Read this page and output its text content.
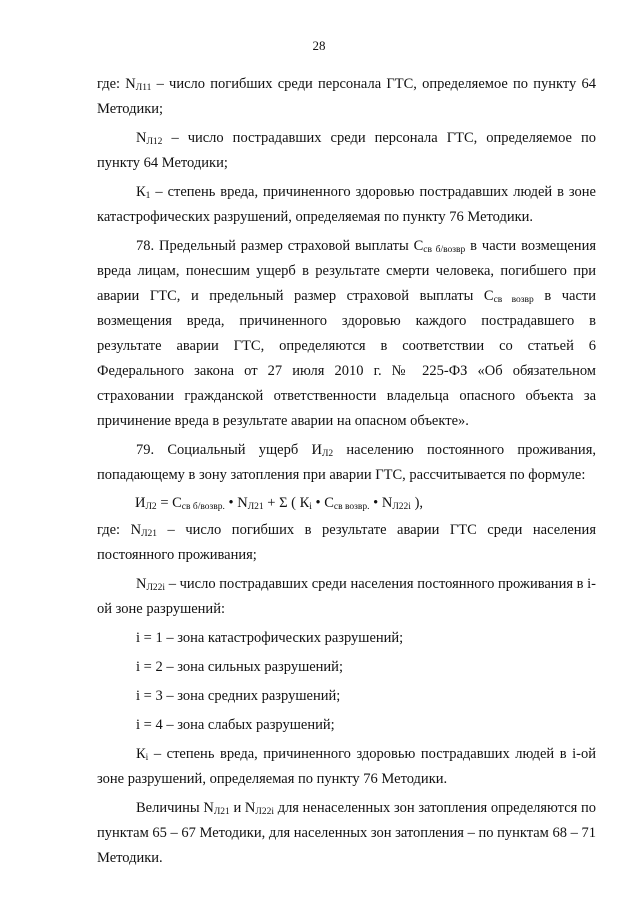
28

где: $N_{Л11}$ – число погибших среди персонала ГТС, определяемое по пункту 64 Методики;

$N_{Л12}$ – число пострадавших среди персонала ГТС, определяемое по пункту 64 Методики;

$К_1$ – степень вреда, причиненного здоровью пострадавших людей в зоне катастрофических разрушений, определяемая по пункту 76 Методики.

78. Предельный размер страховой выплаты $С_{св б/возвр}$ в части возмещения вреда лицам, понесшим ущерб в результате смерти человека, погибшего при аварии ГТС, и предельный размер страховой выплаты $С_{св возвр}$ в части возмещения вреда, причиненного здоровью каждого пострадавшего в результате аварии ГТС, определяются в соответствии со статьей 6 Федерального закона от 27 июля 2010 г. № 225-ФЗ «Об обязательном страховании гражданской ответственности владельца опасного объекта за причинение вреда в результате аварии на опасном объекте».

79. Социальный ущерб $И_{Л2}$ населению постоянного проживания, попадающему в зону затопления при аварии ГТС, рассчитывается по формуле:

$И_{Л2} = С_{св б/возвр.}$ • $N_{Л21} + \Sigma$ ( $К_i$ • $С_{св возвр.}$ • $N_{Л22i}$ ),

где: $N_{Л21}$ – число погибших в результате аварии ГТС среди населения постоянного проживания;

$N_{Л22i}$ – число пострадавших среди населения постоянного проживания в i-ой зоне разрушений:

i = 1 – зона катастрофических разрушений;

i = 2 – зона сильных разрушений;

i = 3 – зона средних разрушений;

i = 4 – зона слабых разрушений;

$К_i$ – степень вреда, причиненного здоровью пострадавших людей в i-ой зоне разрушений, определяемая по пункту 76 Методики.

Величины $N_{Л21}$ и $N_{Л22i}$ для ненаселенных зон затопления определяются по пунктам 65 – 67 Методики, для населенных зон затопления – по пунктам 68 – 71 Методики.
